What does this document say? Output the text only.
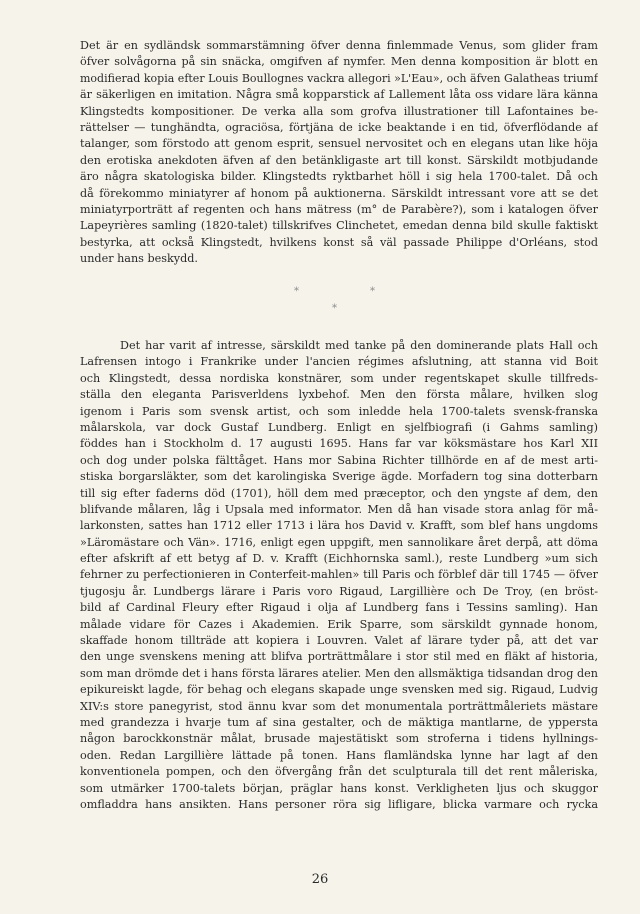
Det är en sydländsk sommarstämning öfver denna finlemmade Venus, som glider fram
öfver solvågorna på sin snäcka, omgifven af nymfer. Men denna komposition är blott en
modifierad kopia efter Louis Boullognes vackra allegori »L'Eau», och äfven Galatheas triumf
är säkerligen en imitation. Några små kopparstick af Lallement låta oss vidare lära känna
Klingstedts kompositioner. De verka alla som grofva illustrationer till Lafontaines be-
rättelser — tunghändta, ograciösa, förtjäna de icke beaktande i en tid, öfverflödande af
talanger, som förstodo att genom esprit, sensuel nervositet och en elegans utan like höja
den erotiska anekdoten äfven af den betänkligaste art till konst. Särskildt motbjudande
äro några skatologiska bilder. Klingstedts ryktbarhet höll i sig hela 1700-talet. Då och
då förekommo miniatyrer af honom på auktionerna. Särskildt intressant vore att se det
miniatyrporträtt af regenten och hans mätress (m° de Parabère?), som i katalogen öfver
Lapeyrières samling (1820-talet) tillskrifves Clinchetet, emedan denna bild skulle faktiskt
bestyrka, att också Klingstedt, hvilkens konst så väl passade Philippe d'Orléans, stod
under hans beskydd.
*	*
*
Det har varit af intresse, särskildt med tanke på den dominerande plats Hall och
Lafrensen intogo i Frankrike under l'ancien régimes afslutning, att stanna vid Boit
och Klingstedt, dessa nordiska konstnärer, som under regentskapet skulle tillfreds-
ställa den eleganta Parisverldens lyxbehof. Men den första målare, hvilken slog
igenom i Paris som svensk artist, och som inledde hela 1700-talets svensk-franska
målarskola, var dock Gustaf Lundberg. Enligt en sjelfbiografi (i Gahms samling)
föddes han i Stockholm d. 17 augusti 1695. Hans far var köksmästare hos Karl XII
och dog under polska fälttåget. Hans mor Sabina Richter tillhörde en af de mest arti-
stiska borgarsläkter, som det karolingiska Sverige ägde. Morfadern tog sina dotterbarn
till sig efter faderns död (1701), höll dem med præceptor, och den yngste af dem, den
blifvande målaren, låg i Upsala med informator. Men då han visade stora anlag för må-
larkonsten, sattes han 1712 eller 1713 i lära hos David v. Krafft, som blef hans ungdoms
»Läromästare och Vän». 1716, enligt egen uppgift, men sannolikare året derpå, att döma
efter afskrift af ett betyg af D. v. Krafft (Eichhornska saml.), reste Lundberg »um sich
fehrner zu perfectionieren in Conterfeit-mahlen» till Paris och förblef där till 1745 — öfver
tjugosju år. Lundbergs lärare i Paris voro Rigaud, Largillière och De Troy, (en bröst-
bild af Cardinal Fleury efter Rigaud i olja af Lundberg fans i Tessins samling). Han
målade vidare för Cazes i Akademien. Erik Sparre, som särskildt gynnade honom,
skaffade honom tillträde att kopiera i Louvren. Valet af lärare tyder på, att det var
den unge svenskens mening att blifva porträttmålare i stor stil med en fläkt af historia,
som man drömde det i hans första lärares atelier. Men den allsmäktiga tidsandan drog den
epikureiskt lagde, för behag och elegans skapade unge svensken med sig. Rigaud, Ludvig
XIV:s store panegyrist, stod ännu kvar som det monumentala porträttmåleriets mästare
med grandezza i hvarje tum af sina gestalter, och de mäktiga mantlarne, de yppersta
någon barockkonstnär målat, brusade majestätiskt som stroferna i tidens hyllnings-
oden. Redan Largillière lättade på tonen. Hans flamländska lynne har lagt af den
konventionela pompen, och den öfvergång från det sculpturala till det rent måleriska,
som utmärker 1700-talets början, präglar hans konst. Verkligheten ljus och skuggor
omfladdra hans ansikten. Hans personer röra sig lifligare, blicka varmare och rycka
26
